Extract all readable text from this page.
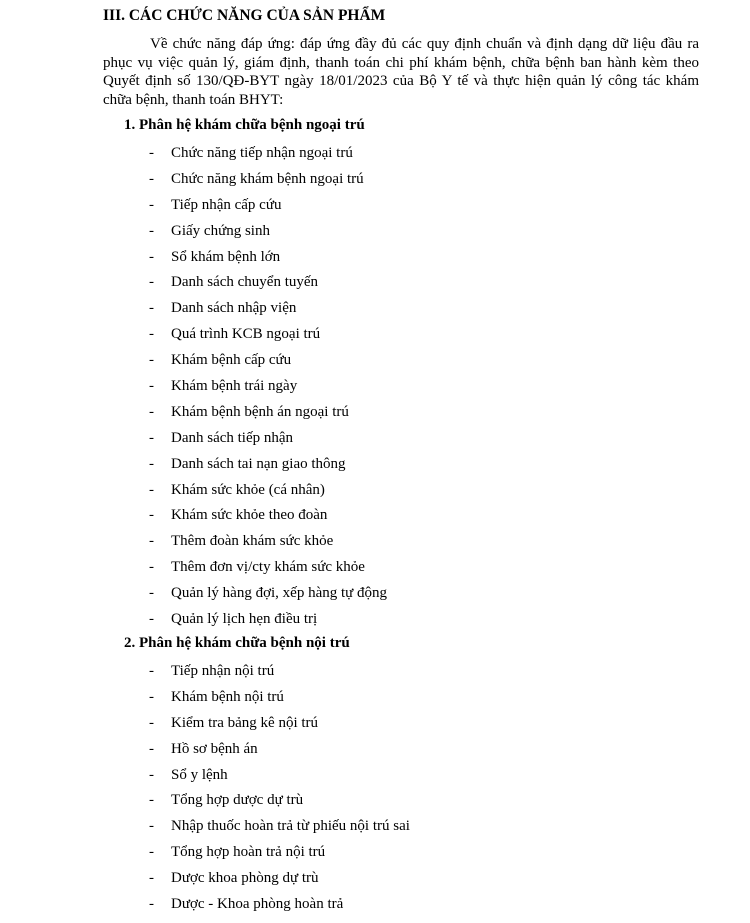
III. CÁC CHỨC NĂNG CỦA SẢN PHẨM
Về chức năng đáp ứng: đáp ứng đầy đủ các quy định chuẩn và định dạng dữ liệu đầu ra phục vụ việc quản lý, giám định, thanh toán chi phí khám bệnh, chữa bệnh ban hành kèm theo Quyết định số 130/QĐ-BYT ngày 18/01/2023 của Bộ Y tế và thực hiện quản lý công tác khám chữa bệnh, thanh toán BHYT:
1. Phân hệ khám chữa bệnh ngoại trú
- Chức năng tiếp nhận ngoại trú
- Chức năng khám bệnh ngoại trú
- Tiếp nhận cấp cứu
- Giấy chứng sinh
- Sổ khám bệnh lớn
- Danh sách chuyển tuyến
- Danh sách nhập viện
- Quá trình KCB ngoại trú
- Khám bệnh cấp cứu
- Khám bệnh trái ngày
- Khám bệnh bệnh án ngoại trú
- Danh sách tiếp nhận
- Danh sách tai nạn giao thông
- Khám sức khỏe (cá nhân)
- Khám sức khỏe theo đoàn
- Thêm đoàn khám sức khỏe
- Thêm đơn vị/cty khám sức khỏe
- Quản lý hàng đợi, xếp hàng tự động
- Quản lý lịch hẹn điều trị
2. Phân hệ khám chữa bệnh nội trú
- Tiếp nhận nội trú
- Khám bệnh nội trú
- Kiểm tra bảng kê nội trú
- Hồ sơ bệnh án
- Sổ y lệnh
- Tổng hợp dược dự trù
- Nhập thuốc hoàn trả từ phiếu nội trú sai
- Tổng hợp hoàn trả nội trú
- Dược khoa phòng dự trù
- Dược - Khoa phòng hoàn trả
